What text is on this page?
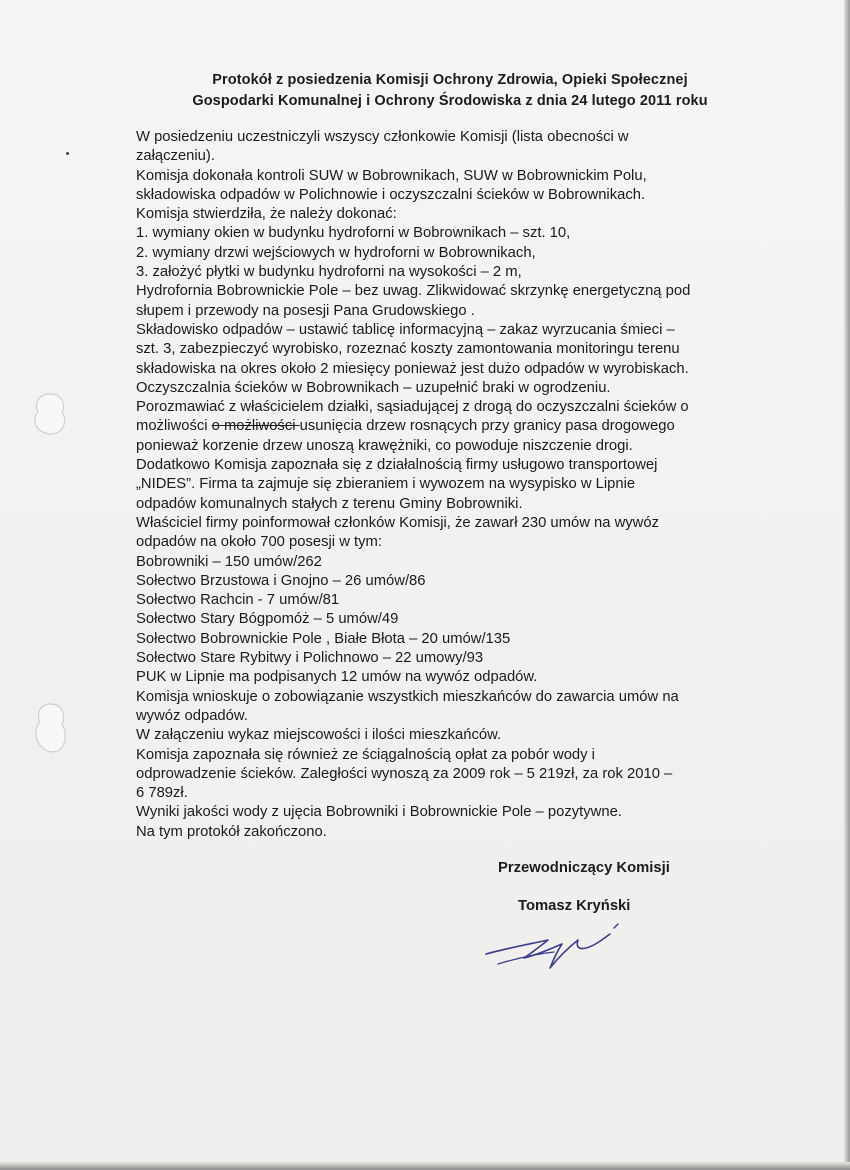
Protokół z posiedzenia Komisji Ochrony Zdrowia, Opieki Społecznej
Gospodarki Komunalnej i Ochrony Środowiska z dnia 24 lutego 2011 roku
W posiedzeniu uczestniczyli wszyscy członkowie Komisji (lista obecności w
załączeniu).
Komisja dokonała kontroli SUW w Bobrownikach, SUW w Bobrownickim Polu,
składowiska odpadów w Polichnowie i oczyszczalni ścieków w Bobrownikach.
Komisja stwierdziła, że należy dokonać:
1. wymiany okien w budynku hydroforni w Bobrownikach – szt. 10,
2. wymiany drzwi wejściowych w hydroforni w Bobrownikach,
3. założyć płytki w budynku hydroforni na wysokości – 2 m,
Hydrofornia Bobrownickie Pole – bez uwag. Zlikwidować skrzynkę energetyczną pod
słupem i przewody na posesji Pana Grudowskiego .
Składowisko odpadów – ustawić tablicę informacyjną – zakaz wyrzucania śmieci –
szt. 3, zabezpieczyć wyrobisko, rozeznać koszty zamontowania monitoringu terenu
składowiska na okres około 2 miesięcy ponieważ jest dużo odpadów w wyrobiskach.
Oczyszczalnia ścieków w Bobrownikach – uzupełnić braki w ogrodzeniu.
Porozmawiać z właścicielem działki, sąsiadującej z drogą do oczyszczalni ścieków o
możliwości o możliwości usunięcia drzew rosnących przy granicy pasa drogowego
ponieważ korzenie drzew unoszą krawężniki, co powoduje niszczenie drogi.
Dodatkowo Komisja zapoznała się z działalnością firmy usługowo transportowej
„NIDES”. Firma ta zajmuje się zbieraniem i wywozem na wysypisko w Lipnie
odpadów komunalnych stałych z terenu Gminy Bobrowniki.
Właściciel firmy poinformował członków Komisji, że zawarł 230 umów na wywóz
odpadów na około 700 posesji w tym:
Bobrowniki – 150 umów/262
Sołectwo Brzustowa i Gnojno – 26 umów/86
Sołectwo Rachcin - 7 umów/81
Sołectwo Stary Bógpomóż – 5 umów/49
Sołectwo Bobrownickie Pole , Białe Błota – 20 umów/135
Sołectwo Stare Rybitwy i Polichnowo – 22 umowy/93
PUK w Lipnie ma podpisanych 12 umów na wywóz odpadów.
Komisja wnioskuje o zobowiązanie wszystkich mieszkańców do zawarcia umów na
wywóz odpadów.
W załączeniu wykaz miejscowości i ilości mieszkańców.
Komisja zapoznała się również ze ściągalnością opłat za pobór wody i
odprowadzenie ścieków. Zaległości wynoszą za 2009 rok – 5 219zł, za rok 2010 –
6 789zł.
Wyniki jakości wody z ujęcia Bobrowniki i Bobrownickie Pole – pozytywne.
Na tym protokół zakończono.
Przewodniczący Komisji
Tomasz Kryński
